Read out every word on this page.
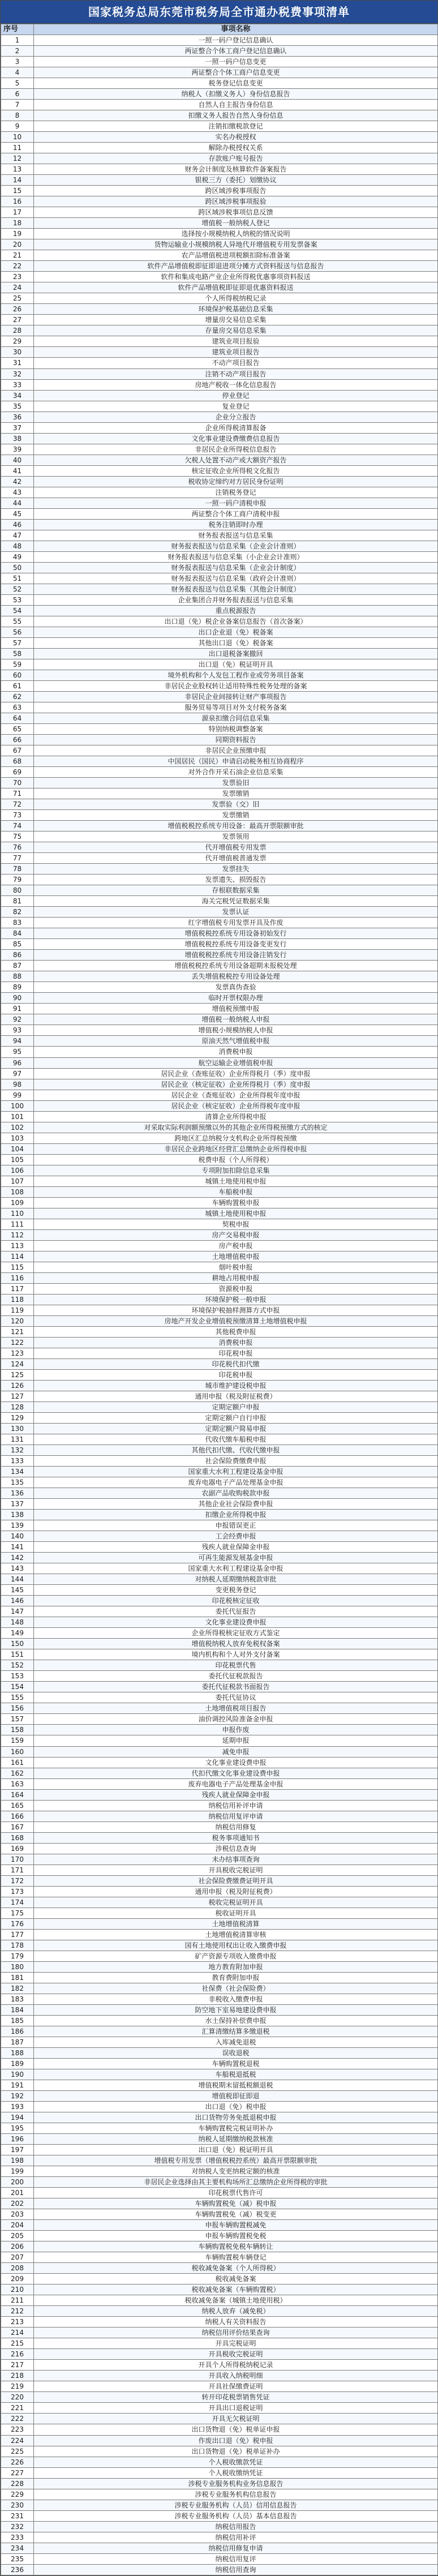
国家税务总局东莞市税务局全市通办税费事项清单
序号	事项名称
1	一照一码户登记信息确认
2	两证整合个体工商户登记信息确认
3	一照一码户信息变更
4	两证整合个体工商户信息变更
5	税务登记信息变更
6	纳税人（扣缴义务人）身份信息报告
7	自然人自主报告身份信息
8	扣缴义务人报告自然人身份信息
9	注销扣缴税款登记
10	实名办税授权
11	解除办税授权关系
12	存款账户账号报告
13	财务会计制度及核算软件备案报告
14	银税三方（委托）划缴协议
15	跨区域涉税事项报告
16	跨区域涉税事项报验
17	跨区域涉税事项信息反馈
18	增值税一般纳税人登记
19	选择按小规模纳税人纳税的情况说明
20	货物运输业小规模纳税人异地代开增值税专用发票备案
21	农产品增值税进项税额扣除标准备案
22	软件产品增值税即征即退进项分摊方式资料报送与信息报告
23	软件和集成电路产业企业所得税优惠事项资料报送
24	软件产品增值税即征即退优惠资料报送
25	个人所得税纳税记录
26	环境保护税基础信息采集
27	增量房交易信息采集
28	存量房交易信息采集
29	建筑业项目报验
30	建筑业项目报告
31	不动产项目报告
32	注销不动产项目报告
33	房地产税收一体化信息报告
34	停业登记
35	复业登记
36	企业分立报告
37	企业所得税清算报备
38	文化事业建设费缴费信息报告
39	非居民企业所得税信息报告
40	欠税人处置不动产或大额资产报告
41	核定征收企业所得税文化报告
42	税收协定缔约对方居民身份证明
43	注销税务登记
44	一照一码户清税申报
45	两证整合个体工商户清税申报
46	税务注销即时办理
47	财务报表报送与信息采集
48	财务报表报送与信息采集（企业会计准则）
49	财务报表报送与信息采集（小企业会计准则）
50	财务报表报送与信息采集（企业会计制度）
51	财务报表报送与信息采集（政府会计准则）
52	财务报表报送与信息采集（其他会计制度）
53	企业集团合并财务报表报送与信息采集
54	重点税源报告
55	出口退（免）税企业备案信息报告（首次备案）
56	出口企业退（免）税备案
57	其他出口退（免）税备案
58	出口退税备案撤回
59	出口退（免）税证明开具
60	境外机构和个人发包工程作业或劳务项目备案
61	非居民企业股权转让适用特殊性税务处理的备案
62	非居民企业间接转让财产事项报告
63	服务贸易等项目对外支付税务备案
64	源泉扣缴合同信息采集
65	特别纳税调整备案
66	同期资料报告
67	非居民企业预缴申报
68	中国居民（国民）申请启动税务相互协商程序
69	对外合作开采石油企业信息采集
70	发票验旧
71	发票缴销
72	发票验（交）旧
73	发票缴销
74	增值税税控系统专用设备：最高开票限额审批
75	发票领用
76	代开增值税专用发票
77	代开增值税普通发票
78	发票挂失
79	发票遗失、损毁报告
80	存根联数据采集
81	海关完税凭证数据采集
82	发票认证
83	红字增值税专用发票开具及作废
84	增值税税控系统专用设备初始发行
85	增值税税控系统专用设备变更发行
86	增值税税控系统专用设备注销发行
87	增值税税控系统专用设备超期未报税处理
88	丢失增值税税控专用设备处理
89	发票真伪查验
90	临时开票权限办理
91	增值税预缴申报
92	增值税一般纳税人申报
93	增值税小规模纳税人申报
94	原油天然气增值税申报
95	消费税申报
96	航空运输企业增值税申报
97	居民企业（查账征收）企业所得税月（季）度申报
98	居民企业（核定征收）企业所得税月（季）度申报
99	居民企业（查账征收）企业所得税年度申报
100	居民企业（核定征收）企业所得税年度申报
101	清算企业所得税申报
102	对采取实际利润额预缴以外的其他企业所得税预缴方式的核定
103	跨地区汇总纳税分支机构企业所得税预缴
104	非居民企业跨地区经营汇总缴纳企业所得税申报
105	税费申报（个人所得税）
106	专项附加扣除信息采集
107	城镇土地使用税申报
108	车船税申报
109	车辆购置税申报
110	城镇土地使用税申报
111	契税申报
112	房产交易税申报
113	房产税申报
114	土地增值税申报
115	烟叶税申报
116	耕地占用税申报
117	资源税申报
118	环境保护税一般申报
119	环境保护税抽样测算方式申报
120	房地产开发企业增值税预缴清算土地增值税申报
121	其他税费申报
122	消费税申报
123	印花税申报
124	印花税代扣代缴
125	印花税申报
126	城市维护建设税申报
127	通用申报（税及附征税费）
128	定期定额户申报
129	定期定额户自行申报
130	定期定额户简易申报
131	代收代缴车船税申报
132	其他代扣代缴、代收代缴申报
133	社会保险费缴费申报
134	国家重大水利工程建设基金申报
135	废弃电器电子产品处理基金申报
136	农副产品收购税款申报
137	其他企业社会保险费申报
138	扣缴企业所得税申报
139	申报错误更正
140	工会经费申报
141	残疾人就业保障金申报
142	可再生能源发展基金申报
143	国家重大水利工程建设基金申报
144	对纳税人延期缴纳税款审批
145	变更税务登记
146	印花税核定征收
147	委托代征报告
148	文化事业建设费申报
149	企业所得税核定征收方式鉴定
150	增值税纳税人放弃免税权备案
151	境内机构和个人对外支付备案
152	印花税票代售
153	委托代征税款报告
154	委托代征税款书面报告
155	委托代征协议
156	土地增值税项目报告
157	油价调控风险准备金申报
158	申报作废
159	延期申报
160	减免申报
161	文化事业建设费申报
162	代扣代缴文化事业建设费申报
163	废弃电器电子产品处理基金申报
164	残疾人就业保障金申报
165	纳税信用补评申请
166	纳税信用复评申请
167	纳税信用修复
168	税务事项通知书
169	涉税信息查询
170	未办结事项查询
171	开具税收完税证明
172	社会保险费缴费证明开具
173	通用申报（税及附征税费）
174	税收完税证明开具
175	税收证明开具
176	土地增值税清算
177	土地增值税清算审核
178	国有土地使用权出让收入缴费申报
179	矿产资源专项收入缴费申报
180	地方教育附加申报
181	教育费附加申报
182	社保费（社会保险费）
183	非税收入缴费申报
184	防空地下室易地建设费申报
185	水土保持补偿费申报
186	汇算清缴结算多缴退税
187	入库减免退税
188	误收退税
189	车辆购置税退税
190	车船税退抵税
191	增值税期末留抵税额退税
192	增值税即征即退
193	出口退（免）税申报
194	出口货物劳务免抵退税申报
195	车辆购置税完税证明补办
196	纳税人延期缴纳税款核准
197	出口退（免）税证明开具
198	增值税专用发票（增值税税控系统）最高开票限额审批
199	对纳税人变更纳税定额的核准
200	非居民企业选择由其主要机构场所汇总缴纳企业所得税的审批
201	印花税票代售许可
202	车辆购置税免（减）税申报
203	车辆购置税免（减）税变更
204	申报车辆购置税减免
205	申报车辆购置税免税
206	车辆购置税免税车辆转让
207	车辆购置税车辆登记
208	税收减免备案（个人所得税）
209	税收减免备案
210	税收减免备案（车辆购置税）
211	税收减免备案（城镇土地使用税）
212	纳税人放弃（减免税）
213	纳税人有关资料报告
214	纳税信用评价结果查询
215	开具完税证明
216	开具税收完税证明
217	开具个人所得税纳税记录
218	开具收入纳税明细
219	开具社保缴费证明
220	转开印花税票销售凭证
221	开具出口退税证明
222	开具无欠税证明
223	出口货物退（免）税单证申报
224	作废出口退（免）税申报
225	出口货物退（免）税单证补办
226	个人税收缴款凭证
227	个人税收缴纳凭证
228	涉税专业服务机构业务信息报告
229	涉税专业服务机构信息报告
230	涉税专业服务机构（人员）信用信息报告
231	涉税专业服务机构（人员）基本信息报告
232	纳税信用报告
233	纳税信用补评
234	纳税信用修复申请
235	纳税信用复评
236	纳税信用查询
